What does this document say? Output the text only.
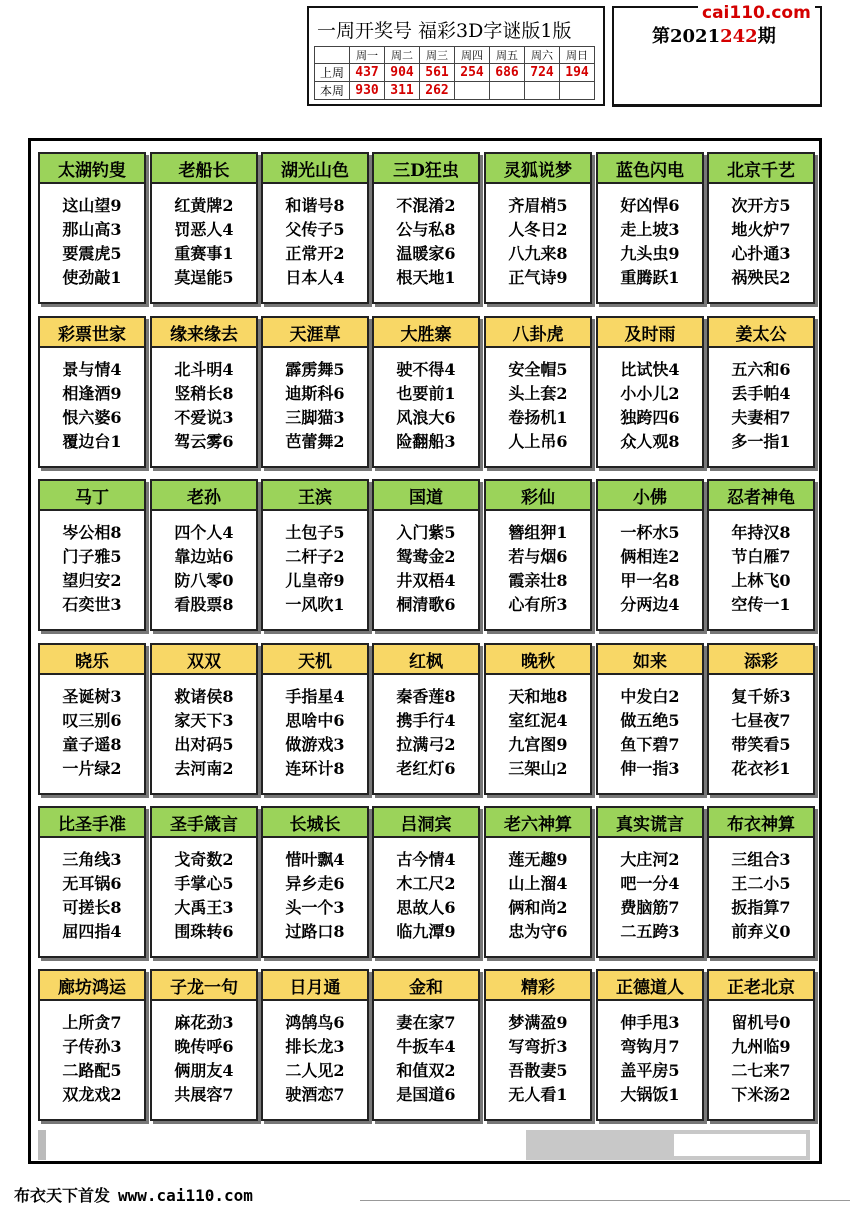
一周开奖号 福彩3D字谜版1版
	周一	周二	周三	周四	周五	周六	周日
上周	437	904	561	254	686	724	194
本周	930	311	262				
第2021242期
cai110.com
太湖钓叟
这山望9
那山高3
要震虎5
使劲敲1
老船长
红黄牌2
罚恶人4
重赛事1
莫逞能5
湖光山色
和谐号8
父传子5
正常开2
日本人4
三D狂虫
不混淆2
公与私8
温暖家6
根天地1
灵狐说梦
齐眉梢5
人冬日2
八九来8
正气诗9
蓝色闪电
好凶悍6
走上坡3
九头虫9
重腾跃1
北京千艺
次开方5
地火炉7
心扑通3
祸殃民2
彩票世家
景与情4
相逢酒9
恨六婆6
覆边台1
缘来缘去
北斗明4
竖稍长8
不爱说3
驾云雾6
天涯草
霹雳舞5
迪斯科6
三脚猫3
芭蕾舞2
大胜寨
驶不得4
也要前1
风浪大6
险翻船3
八卦虎
安全帽5
头上套2
卷扬机1
人上吊6
及时雨
比试快4
小小儿2
独跨四6
众人观8
姜太公
五六和6
丢手帕4
夫妻相7
多一指1
马丁
岑公相8
门子雅5
望归安2
石奕世3
老孙
四个人4
靠边站6
防八零0
看股票8
王滨
土包子5
二杆子2
儿皇帝9
一风吹1
国道
入门紫5
鸳鸯金2
井双梧4
桐清歌6
彩仙
簪组狎1
若与烟6
霞亲壮8
心有所3
小佛
一杯水5
俩相连2
甲一名8
分两边4
忍者神龟
年持汉8
节白雁7
上林飞0
空传一1
晓乐
圣诞树3
叹三别6
童子遥8
一片绿2
双双
救诸侯8
家天下3
出对码5
去河南2
天机
手指星4
思啥中6
做游戏3
连环计8
红枫
秦香莲8
携手行4
拉满弓2
老红灯6
晚秋
天和地8
室红泥4
九宫图9
三架山2
如来
中发白2
做五绝5
鱼下碧7
伸一指3
添彩
复千娇3
七昼夜7
带笑看5
花衣衫1
比圣手准
三角线3
无耳锅6
可搓长8
屈四指4
圣手箴言
戈奇数2
手掌心5
大禹王3
围珠转6
长城长
惜叶飘4
异乡走6
头一个3
过路口8
吕洞宾
古今情4
木工尺2
思故人6
临九潭9
老六神算
莲无趣9
山上溜4
俩和尚2
忠为守6
真实谎言
大庄河2
吧一分4
费脑筋7
二五跨3
布衣神算
三组合3
王二小5
扳指算7
前弃义0
廊坊鸿运
上所贪7
子传孙3
二路配5
双龙戏2
子龙一句
麻花劲3
晚传呼6
俩朋友4
共展容7
日月通
鸿鹄鸟6
排长龙3
二人见2
驶酒恋7
金和
妻在家7
牛扳车4
和值双2
是国道6
精彩
梦满盈9
写弯折3
吾散妻5
无人看1
正德道人
伸手甩3
弯钩月7
盖平房5
大锅饭1
正老北京
留机号0
九州临9
二七来7
下米汤2
布衣天下首发 www.cai110.com
